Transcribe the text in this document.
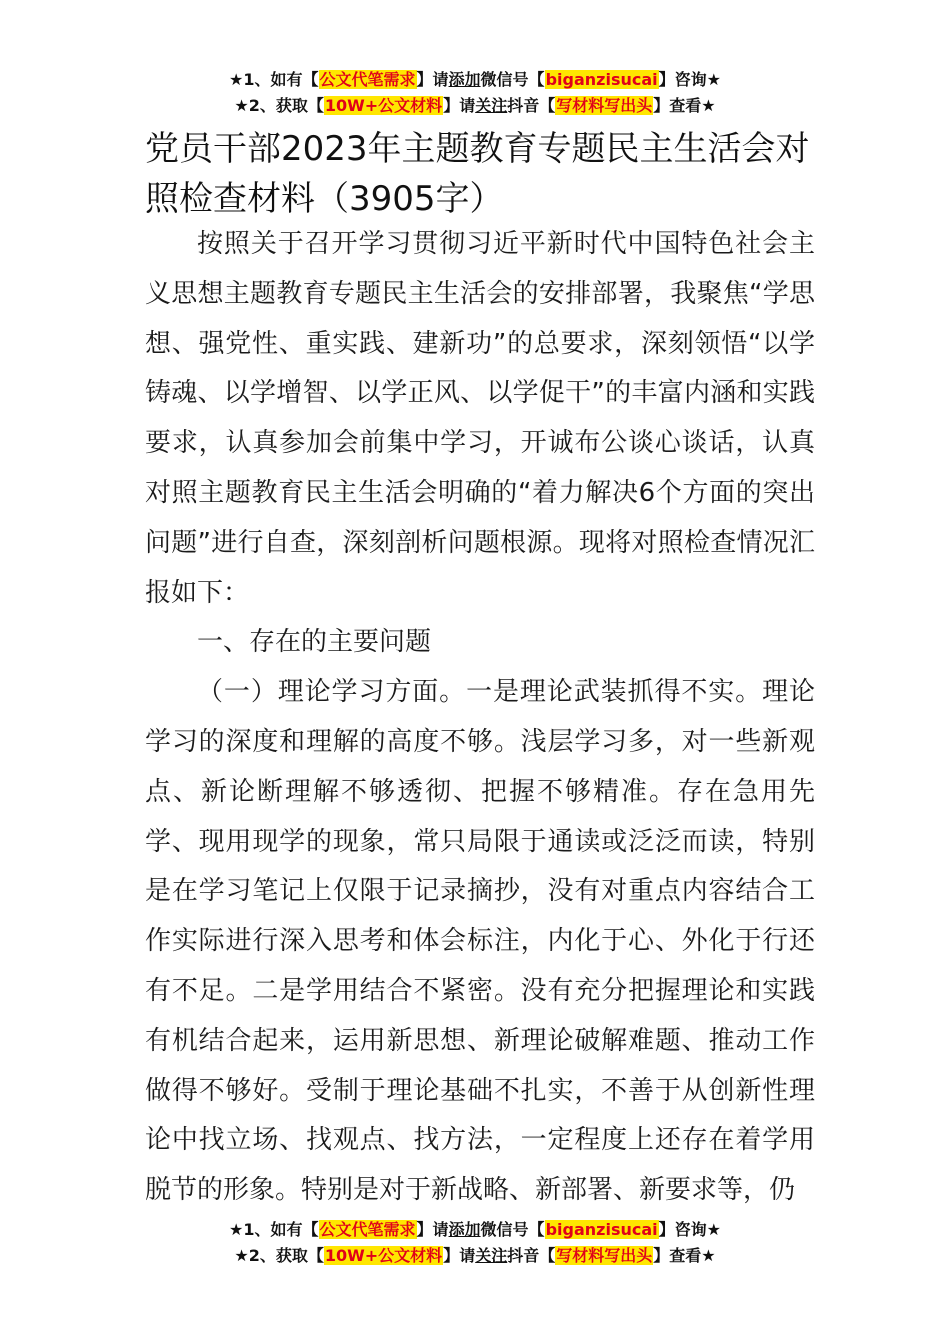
★1、如有【公文代笔需求】请添加微信号【biganzisucai】咨询★
★2、获取【10W+公文材料】请关注抖音【写材料写出头】查看★
党员干部2023年主题教育专题民主生活会对照检查材料（3905字）

按照关于召开学习贯彻习近平新时代中国特色社会主义思想主题教育专题民主生活会的安排部署，我聚焦“学思想、强党性、重实践、建新功”的总要求，深刻领悟“以学铸魂、以学增智、以学正风、以学促干”的丰富内涵和实践要求，认真参加会前集中学习，开诚布公谈心谈话，认真对照主题教育民主生活会明确的“着力解决6个方面的突出问题”进行自查，深刻剖析问题根源。现将对照检查情况汇报如下：

一、存在的主要问题

（一）理论学习方面。一是理论武装抓得不实。理论学习的深度和理解的高度不够。浅层学习多，对一些新观点、新论断理解不够透彻、把握不够精准。存在急用先学、现用现学的现象，常只局限于通读或泛泛而读，特别是在学习笔记上仅限于记录摘抄，没有对重点内容结合工作实际进行深入思考和体会标注，内化于心、外化于行还有不足。二是学用结合不紧密。没有充分把握理论和实践有机结合起来，运用新思想、新理论破解难题、推动工作做得不够好。受制于理论基础不扎实，不善于从创新性理论中找立场、找观点、找方法，一定程度上还存在着学用脱节的形象。特别是对于新战略、新部署、新要求等，仍

★1、如有【公文代笔需求】请添加微信号【biganzisucai】咨询★
★2、获取【10W+公文材料】请关注抖音【写材料写出头】查看★
